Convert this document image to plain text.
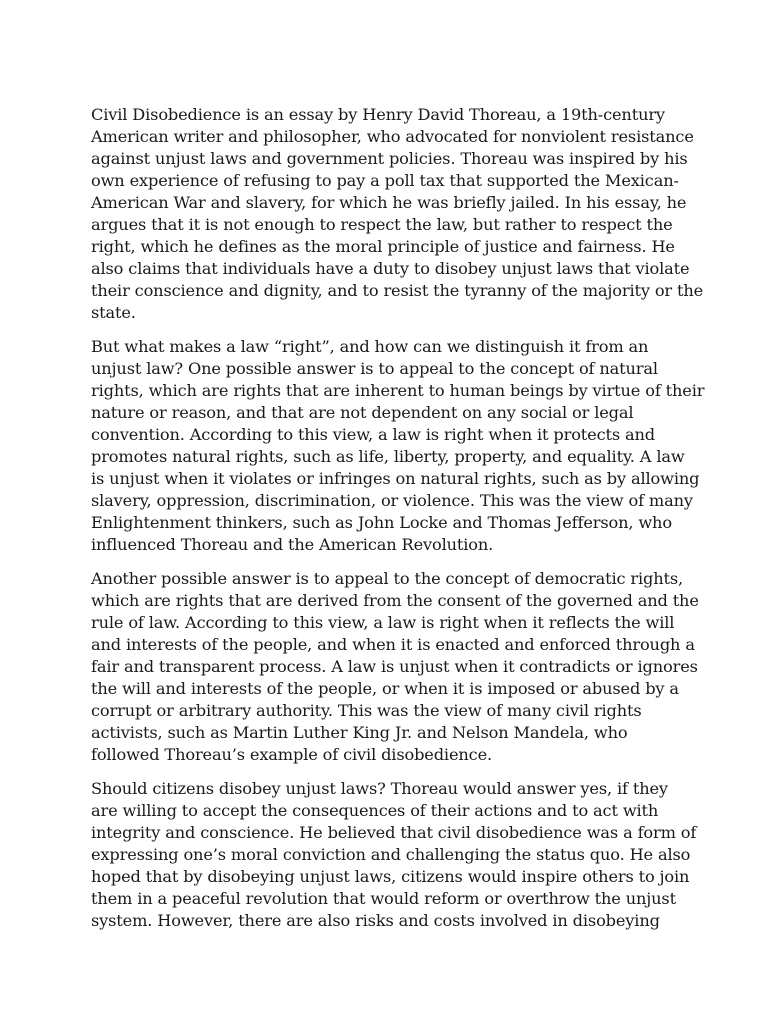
Civil Disobedience is an essay by Henry David Thoreau, a 19th-century
American writer and philosopher, who advocated for nonviolent resistance
against unjust laws and government policies. Thoreau was inspired by his
own experience of refusing to pay a poll tax that supported the Mexican-
American War and slavery, for which he was briefly jailed. In his essay, he
argues that it is not enough to respect the law, but rather to respect the
right, which he defines as the moral principle of justice and fairness. He
also claims that individuals have a duty to disobey unjust laws that violate
their conscience and dignity, and to resist the tyranny of the majority or the
state.

But what makes a law “right”, and how can we distinguish it from an
unjust law? One possible answer is to appeal to the concept of natural
rights, which are rights that are inherent to human beings by virtue of their
nature or reason, and that are not dependent on any social or legal
convention. According to this view, a law is right when it protects and
promotes natural rights, such as life, liberty, property, and equality. A law
is unjust when it violates or infringes on natural rights, such as by allowing
slavery, oppression, discrimination, or violence. This was the view of many
Enlightenment thinkers, such as John Locke and Thomas Jefferson, who
influenced Thoreau and the American Revolution.

Another possible answer is to appeal to the concept of democratic rights,
which are rights that are derived from the consent of the governed and the
rule of law. According to this view, a law is right when it reflects the will
and interests of the people, and when it is enacted and enforced through a
fair and transparent process. A law is unjust when it contradicts or ignores
the will and interests of the people, or when it is imposed or abused by a
corrupt or arbitrary authority. This was the view of many civil rights
activists, such as Martin Luther King Jr. and Nelson Mandela, who
followed Thoreau’s example of civil disobedience.

Should citizens disobey unjust laws? Thoreau would answer yes, if they
are willing to accept the consequences of their actions and to act with
integrity and conscience. He believed that civil disobedience was a form of
expressing one’s moral conviction and challenging the status quo. He also
hoped that by disobeying unjust laws, citizens would inspire others to join
them in a peaceful revolution that would reform or overthrow the unjust
system. However, there are also risks and costs involved in disobeying
